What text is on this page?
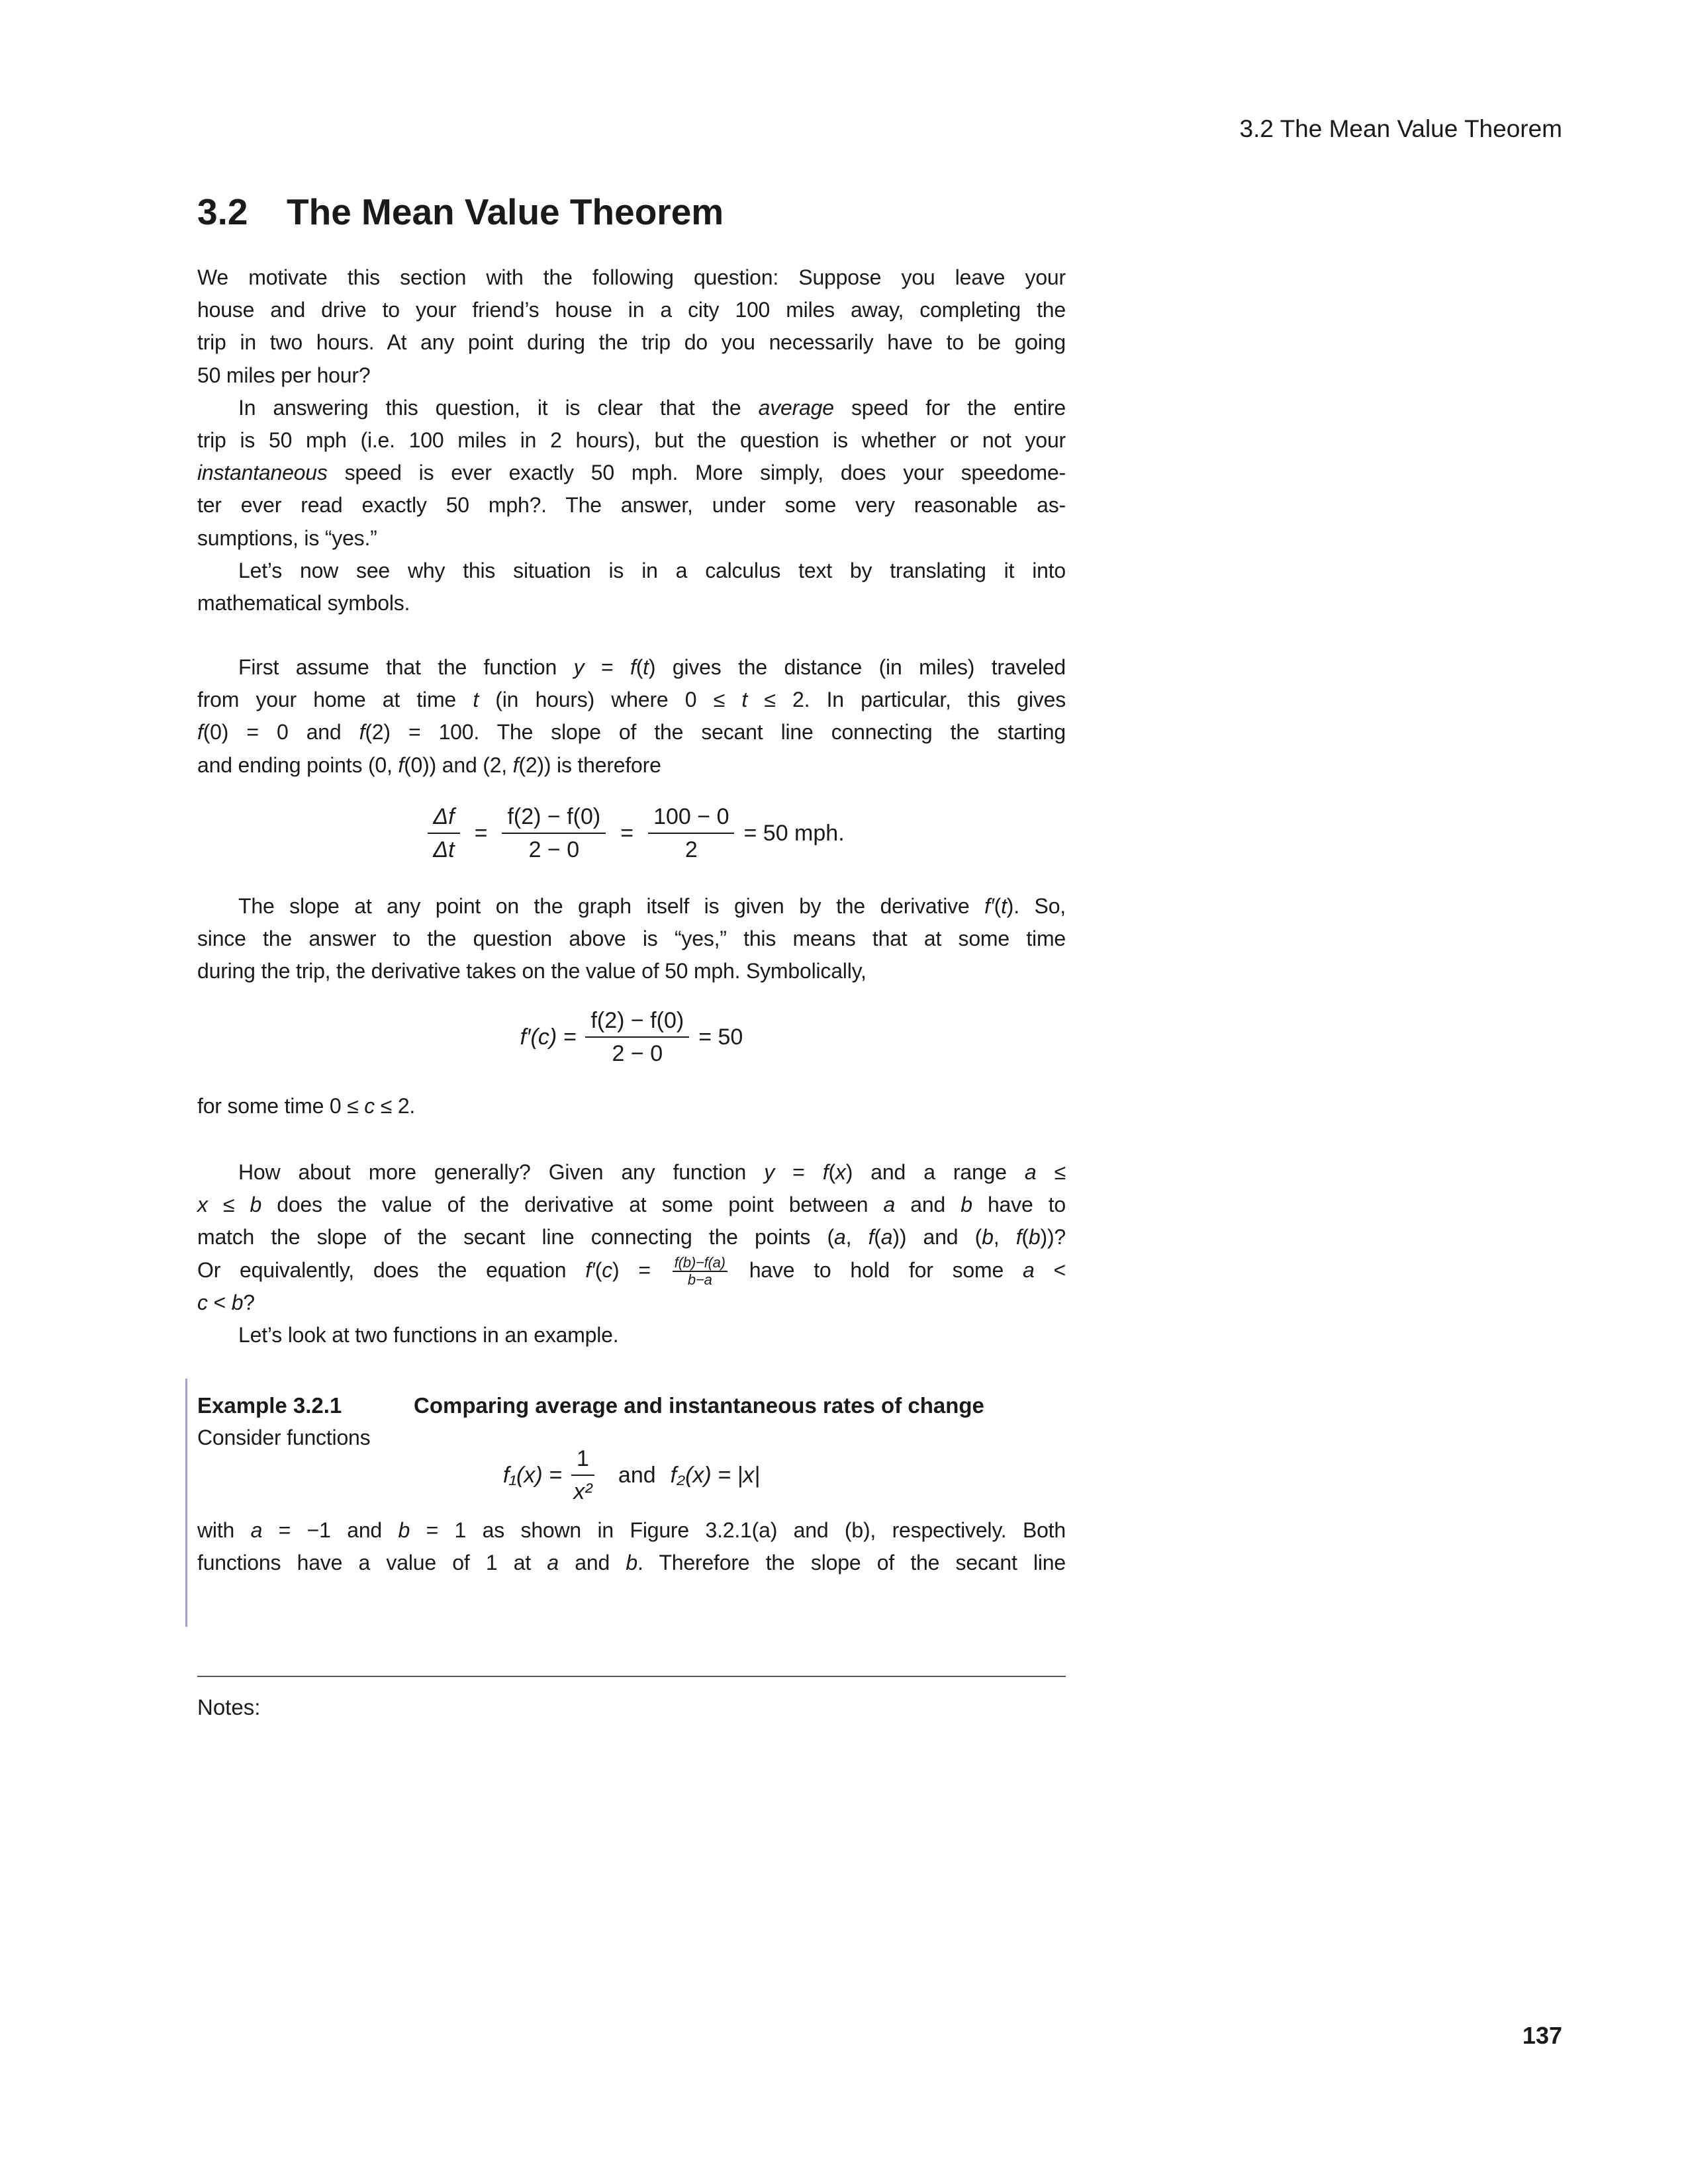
3.2 The Mean Value Theorem
3.2 The Mean Value Theorem
We motivate this section with the following question: Suppose you leave your
house and drive to your friend’s house in a city 100 miles away, completing the
trip in two hours. At any point during the trip do you necessarily have to be going
50 miles per hour?
In answering this question, it is clear that the average speed for the entire
trip is 50 mph (i.e. 100 miles in 2 hours), but the question is whether or not your
instantaneous speed is ever exactly 50 mph. More simply, does your speedome-
ter ever read exactly 50 mph?. The answer, under some very reasonable as-
sumptions, is “yes.”
Let’s now see why this situation is in a calculus text by translating it into
mathematical symbols.
First assume that the function y = f(t) gives the distance (in miles) traveled
from your home at time t (in hours) where 0 ≤ t ≤ 2. In particular, this gives
f(0) = 0 and f(2) = 100. The slope of the secant line connecting the starting
and ending points (0, f(0)) and (2, f(2)) is therefore
$\frac{\Delta f}{\Delta t} = \frac{f(2) - f(0)}{2 - 0} = \frac{100 - 0}{2} = 50$ mph.
The slope at any point on the graph itself is given by the derivative f′(t). So,
since the answer to the question above is “yes,” this means that at some time
during the trip, the derivative takes on the value of 50 mph. Symbolically,
$f'(c) = \frac{f(2) - f(0)}{2 - 0} = 50$
for some time 0 ≤ c ≤ 2.
How about more generally? Given any function y = f(x) and a range a ≤
x ≤ b does the value of the derivative at some point between a and b have to
match the slope of the secant line connecting the points (a, f(a)) and (b, f(b))?
Or equivalently, does the equation $f'(c) = \frac{f(b)-f(a)}{b-a}$ have to hold for some a <
c < b?
Let’s look at two functions in an example.
Example 3.2.1	Comparing average and instantaneous rates of change
Consider functions
$f_1(x) = \frac{1}{\text{x²}}$ and f₂(x) = |x|
with a = −1 and b = 1 as shown in Figure 3.2.1(a) and (b), respectively. Both
functions have a value of 1 at a and b. Therefore the slope of the secant line
Notes:
137
